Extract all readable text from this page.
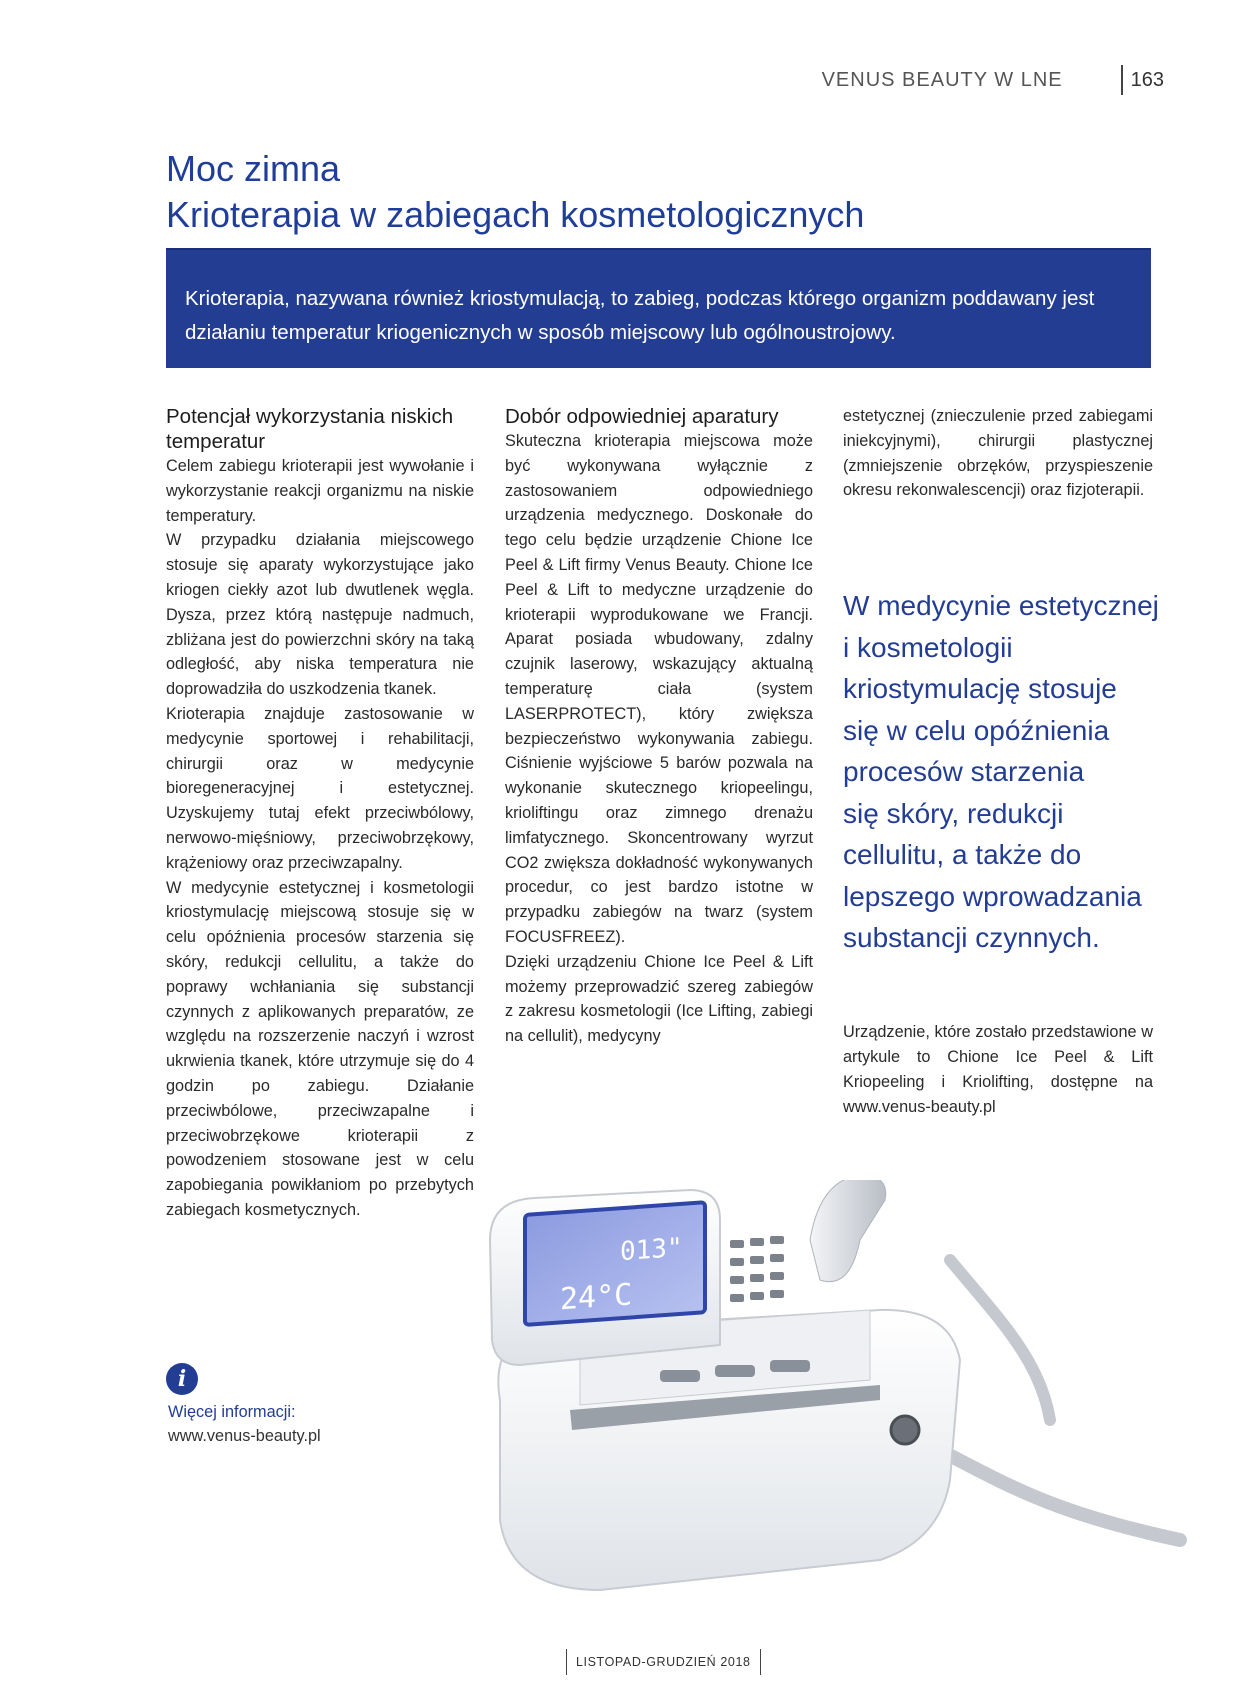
VENUS BEAUTY W LNE	163
Moc zimna
Krioterapia w zabiegach kosmetologicznych

Krioterapia, nazywana również kriostymulacją, to zabieg, podczas którego organizm poddawany jest działaniu temperatur kriogenicznych w sposób miejscowy lub ogólnoustrojowy.

Potencjał wykorzystania niskich temperatur

Celem zabiegu krioterapii jest wywołanie i wykorzystanie reakcji organizmu na niskie temperatury.

W przypadku działania miejscowego stosuje się aparaty wykorzystujące jako kriogen ciekły azot lub dwutlenek węgla. Dysza, przez którą następuje nadmuch, zbliżana jest do powierzchni skóry na taką odległość, aby niska temperatura nie doprowadziła do uszkodzenia tkanek.

Krioterapia znajduje zastosowanie w medycynie sportowej i rehabilitacji, chirurgii oraz w medycynie bioregeneracyjnej i estetycznej. Uzyskujemy tutaj efekt przeciwbólowy, nerwowo-mięśniowy, przeciwobrzękowy, krążeniowy oraz przeciwzapalny.

W medycynie estetycznej i kosmetologii kriostymulację miejscową stosuje się w celu opóźnienia procesów starzenia się skóry, redukcji cellulitu, a także do poprawy wchłaniania się substancji czynnych z aplikowanych preparatów, ze względu na rozszerzenie naczyń i wzrost ukrwienia tkanek, które utrzymuje się do 4 godzin po zabiegu. Działanie przeciwbólowe, przeciwzapalne i przeciwobrzękowe krioterapii z powodzeniem stosowane jest w celu zapobiegania powikłaniom po przebytych zabiegach kosmetycznych.

Dobór odpowiedniej aparatury

Skuteczna krioterapia miejscowa może być wykonywana wyłącznie z zastosowaniem odpowiedniego urządzenia medycznego. Doskonałe do tego celu będzie urządzenie Chione Ice Peel & Lift firmy Venus Beauty. Chione Ice Peel & Lift to medyczne urządzenie do krioterapii wyprodukowane we Francji. Aparat posiada wbudowany, zdalny czujnik laserowy, wskazujący aktualną temperaturę ciała (system LASERPROTECT), który zwiększa bezpieczeństwo wykonywania zabiegu. Ciśnienie wyjściowe 5 barów pozwala na wykonanie skutecznego kriopeelingu, krioliftingu oraz zimnego drenażu limfatycznego. Skoncentrowany wyrzut CO2 zwiększa dokładność wykonywanych procedur, co jest bardzo istotne w przypadku zabiegów na twarz (system FOCUSFREEZ).

Dzięki urządzeniu Chione Ice Peel & Lift możemy przeprowadzić szereg zabiegów z zakresu kosmetologii (Ice Lifting, zabiegi na cellulit), medycyny

estetycznej (znieczulenie przed zabiegami iniekcyjnymi), chirurgii plastycznej (zmniejszenie obrzęków, przyspieszenie okresu rekonwalescencji) oraz fizjoterapii.

W medycynie estetycznej
i kosmetologii
kriostymulację stosuje
się w celu opóźnienia
procesów starzenia
się skóry, redukcji
cellulitu, a także do
lepszego wprowadzania
substancji czynnych.

Urządzenie, które zostało przedstawione w artykule to Chione Ice Peel & Lift Kriopeeling i Kriolifting, dostępne na www.venus-beauty.pl

i
Więcej informacji:
www.venus-beauty.pl
24°C
013"
LISTOPAD-GRUDZIEŃ 2018
